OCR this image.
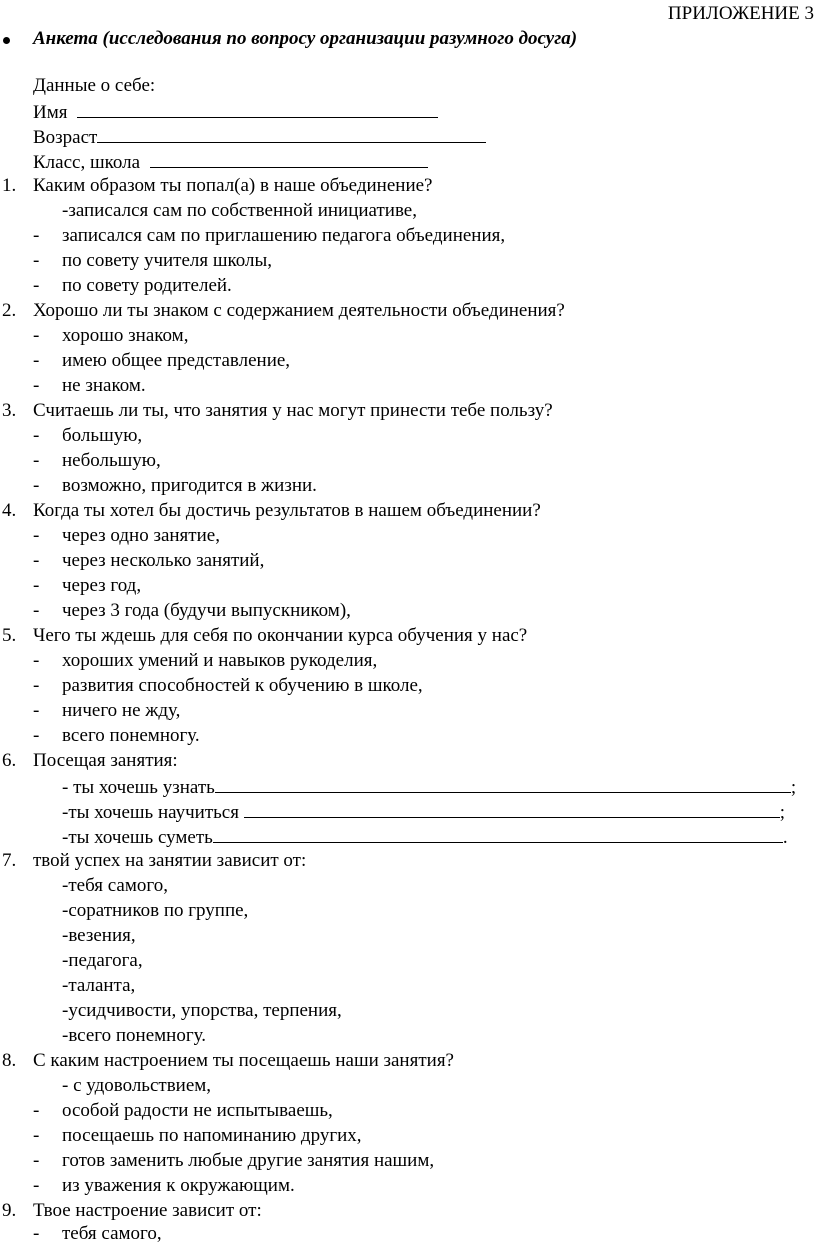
ПРИЛОЖЕНИЕ 3
Анкета (исследования по вопросу организации разумного досуга)
Данные о себе:
Имя
Возраст
Класс, школа
1. Каким образом ты попал(а) в наше объединение?
-записался сам по собственной инициативе,
- записался сам по приглашению педагога объединения,
- по совету учителя школы,
- по совету родителей.
2. Хорошо ли ты знаком с содержанием деятельности объединения?
- хорошо знаком,
- имею общее представление,
- не знаком.
3. Считаешь ли ты, что занятия у нас могут принести тебе пользу?
- большую,
- небольшую,
- возможно, пригодится в жизни.
4. Когда ты хотел бы достичь результатов в нашем объединении?
- через одно занятие,
- через несколько занятий,
- через год,
- через 3 года (будучи выпускником),
5. Чего ты ждешь для себя по окончании курса обучения у нас?
- хороших умений и навыков рукоделия,
- развития способностей к обучению в школе,
- ничего не жду,
- всего понемногу.
6. Посещая занятия:
- ты хочешь узнать	;
-ты хочешь научиться	;
-ты хочешь суметь	.
7. твой успех на занятии зависит от:
-тебя самого,
-соратников по группе,
-везения,
-педагога,
-таланта,
-усидчивости, упорства, терпения,
-всего понемногу.
8. С каким настроением ты посещаешь наши занятия?
- с удовольствием,
- особой радости не испытываешь,
- посещаешь по напоминанию других,
- готов заменить любые другие занятия нашим,
- из уважения к окружающим.
9. Твое настроение зависит от:
- тебя самого,
